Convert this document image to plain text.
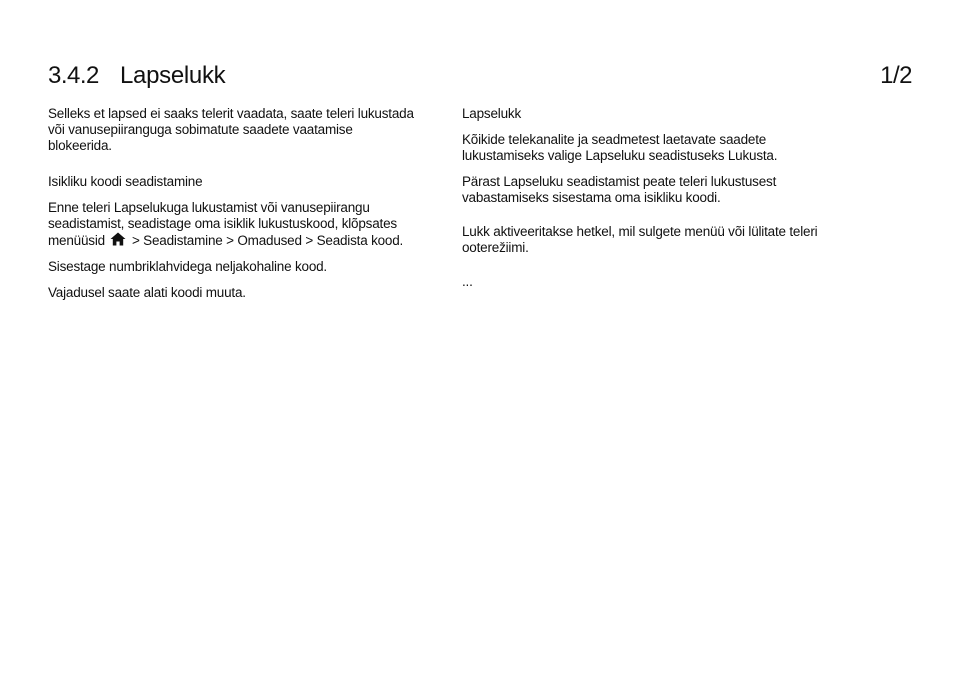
3.4.2 Lapselukk	1/2

Selleks et lapsed ei saaks telerit vaadata, saate teleri lukustada või vanusepiiranguga sobimatute saadete vaatamise blokeerida.

Isikliku koodi seadistamine

Enne teleri Lapselukuga lukustamist või vanusepiirangu seadistamist, seadistage oma isiklik lukustuskood, klõpsates menüüsid > Seadistamine > Omadused > Seadista kood.

Sisestage numbriklahvidega neljakohaline kood.

Vajadusel saate alati koodi muuta.

Lapselukk

Kõikide telekanalite ja seadmetest laetavate saadete lukustamiseks valige Lapseluku seadistuseks Lukusta.

Pärast Lapseluku seadistamist peate teleri lukustusest vabastamiseks sisestama oma isikliku koodi.

Lukk aktiveeritakse hetkel, mil sulgete menüü või lülitate teleri ooterežiimi.

...
